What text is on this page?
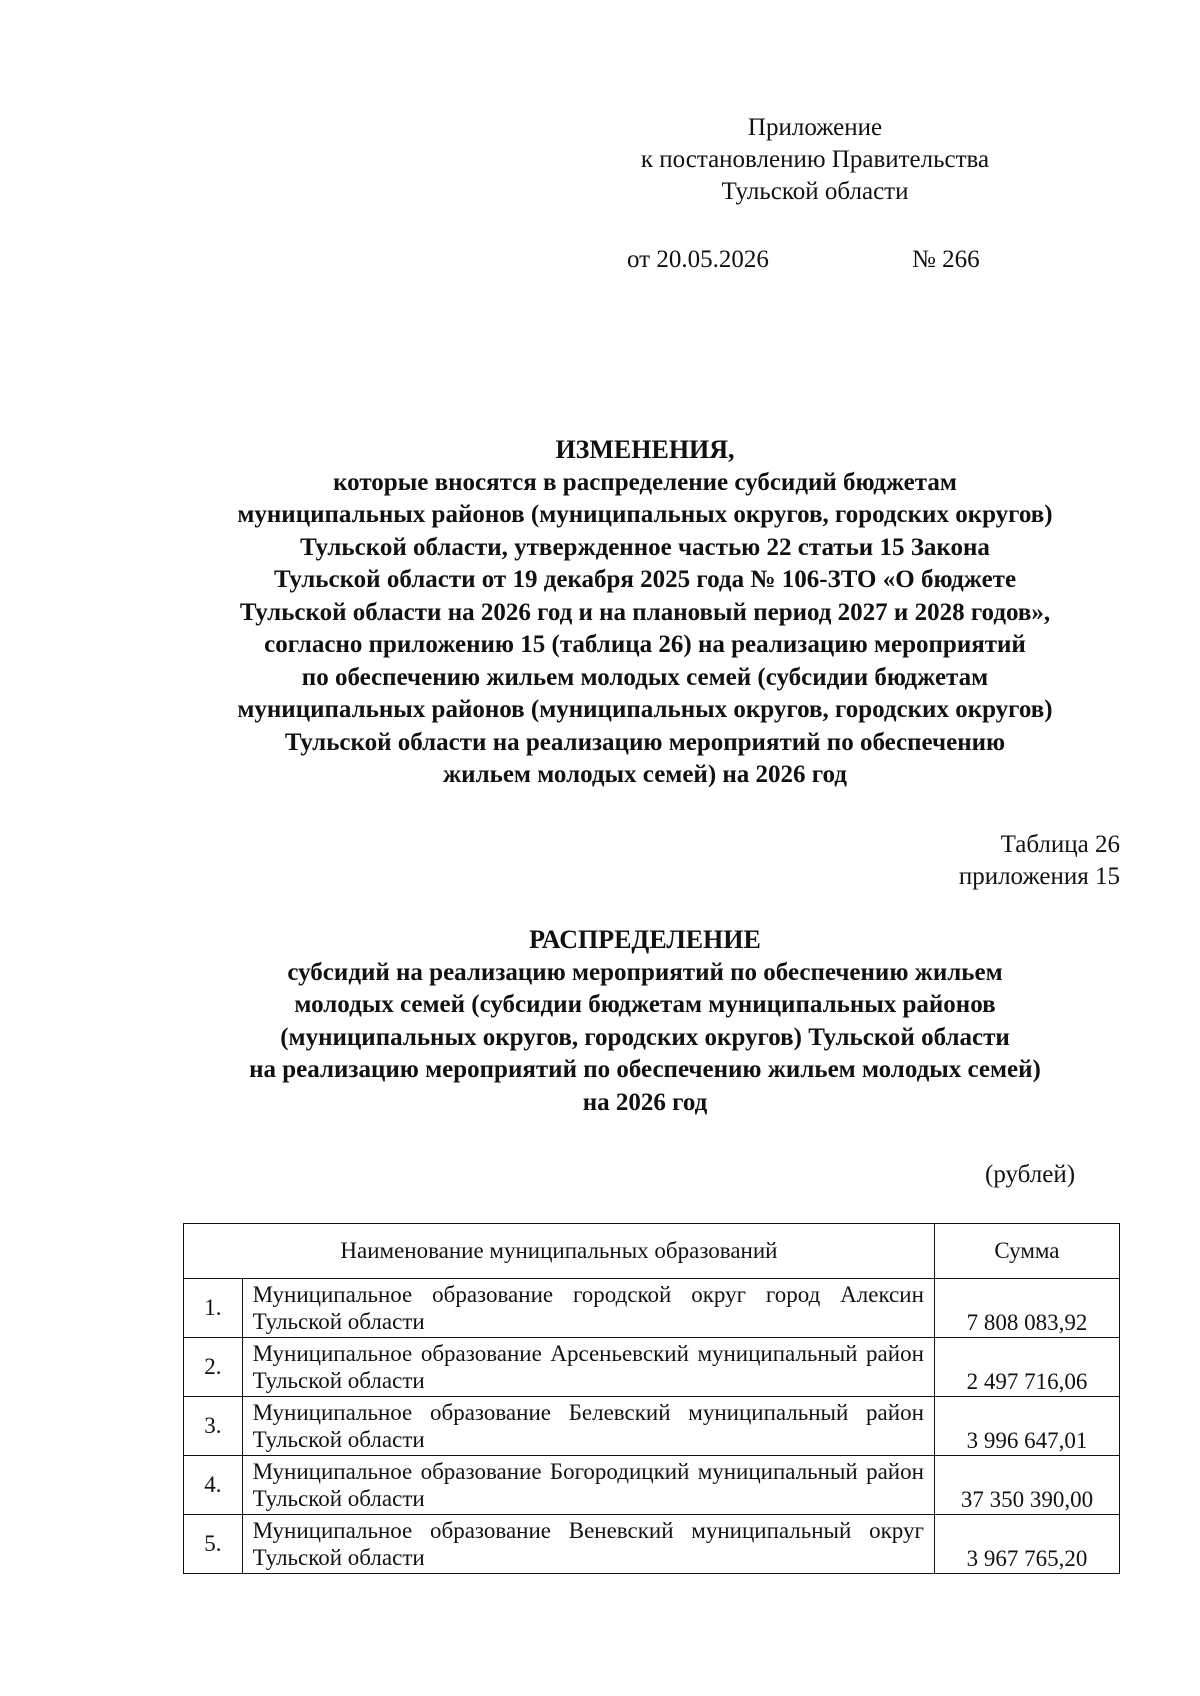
Приложение
к постановлению Правительства
Тульской области
от 20.05.2026	№ 266
ИЗМЕНЕНИЯ,
которые вносятся в распределение субсидий бюджетам
муниципальных районов (муниципальных округов, городских округов)
Тульской области, утвержденное частью 22 статьи 15 Закона
Тульской области от 19 декабря 2025 года № 106-ЗТО «О бюджете
Тульской области на 2026 год и на плановый период 2027 и 2028 годов»,
согласно приложению 15 (таблица 26) на реализацию мероприятий
по обеспечению жильем молодых семей (субсидии бюджетам
муниципальных районов (муниципальных округов, городских округов)
Тульской области на реализацию мероприятий по обеспечению
жильем молодых семей) на 2026 год
Таблица 26
приложения 15
РАСПРЕДЕЛЕНИЕ
субсидий на реализацию мероприятий по обеспечению жильем
молодых семей (субсидии бюджетам муниципальных районов
(муниципальных округов, городских округов) Тульской области
на реализацию мероприятий по обеспечению жильем молодых семей)
на 2026 год
(рублей)
Наименование муниципальных образований		Сумма
1.	Муниципальное образование городской округ город Алексин Тульской области	7 808 083,92
2.	Муниципальное образование Арсеньевский муниципальный район Тульской области	2 497 716,06
3.	Муниципальное образование Белевский муниципальный район Тульской области	3 996 647,01
4.	Муниципальное образование Богородицкий муниципальный район Тульской области	37 350 390,00
5.	Муниципальное образование Веневский муниципальный округ Тульской области	3 967 765,20
